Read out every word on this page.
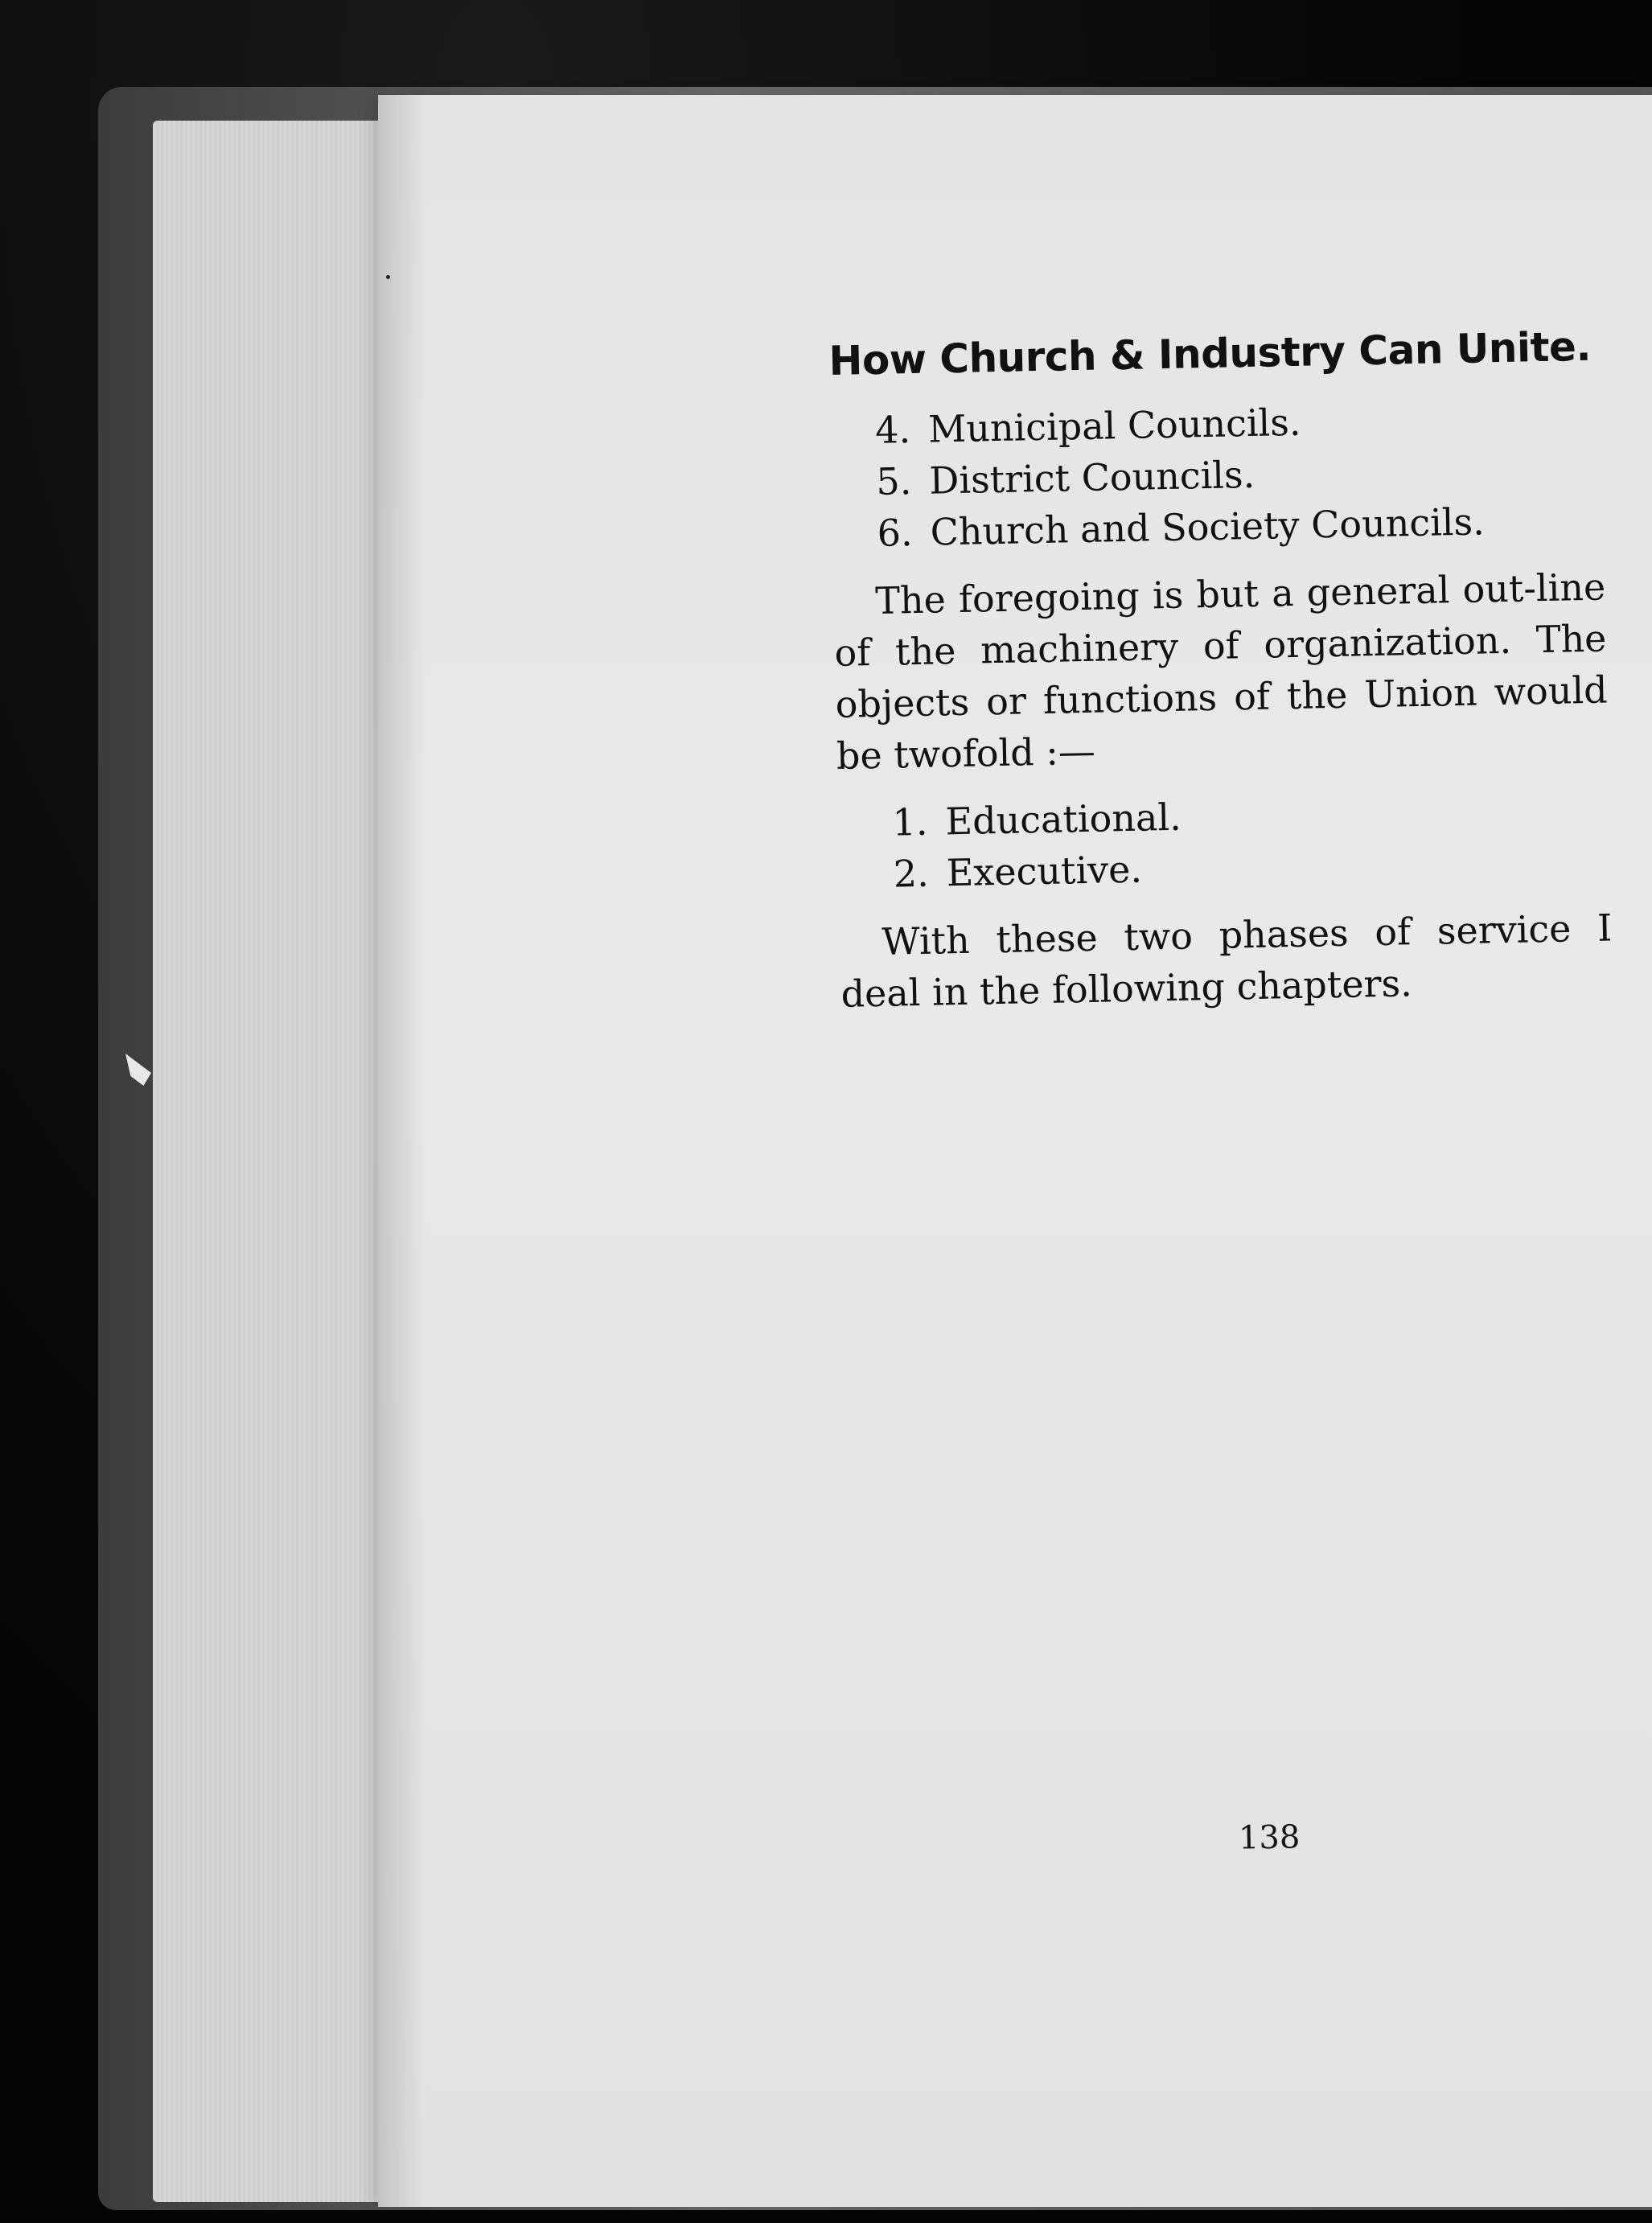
How Church & Industry Can Unite.
4. Municipal Councils.
5. District Councils.
6. Church and Society Councils.

The foregoing is but a general out-line of the machinery of organization. The objects or functions of the Union would be twofold :—

1. Educational.
2. Executive.

With these two phases of service I deal in the following chapters.

138
